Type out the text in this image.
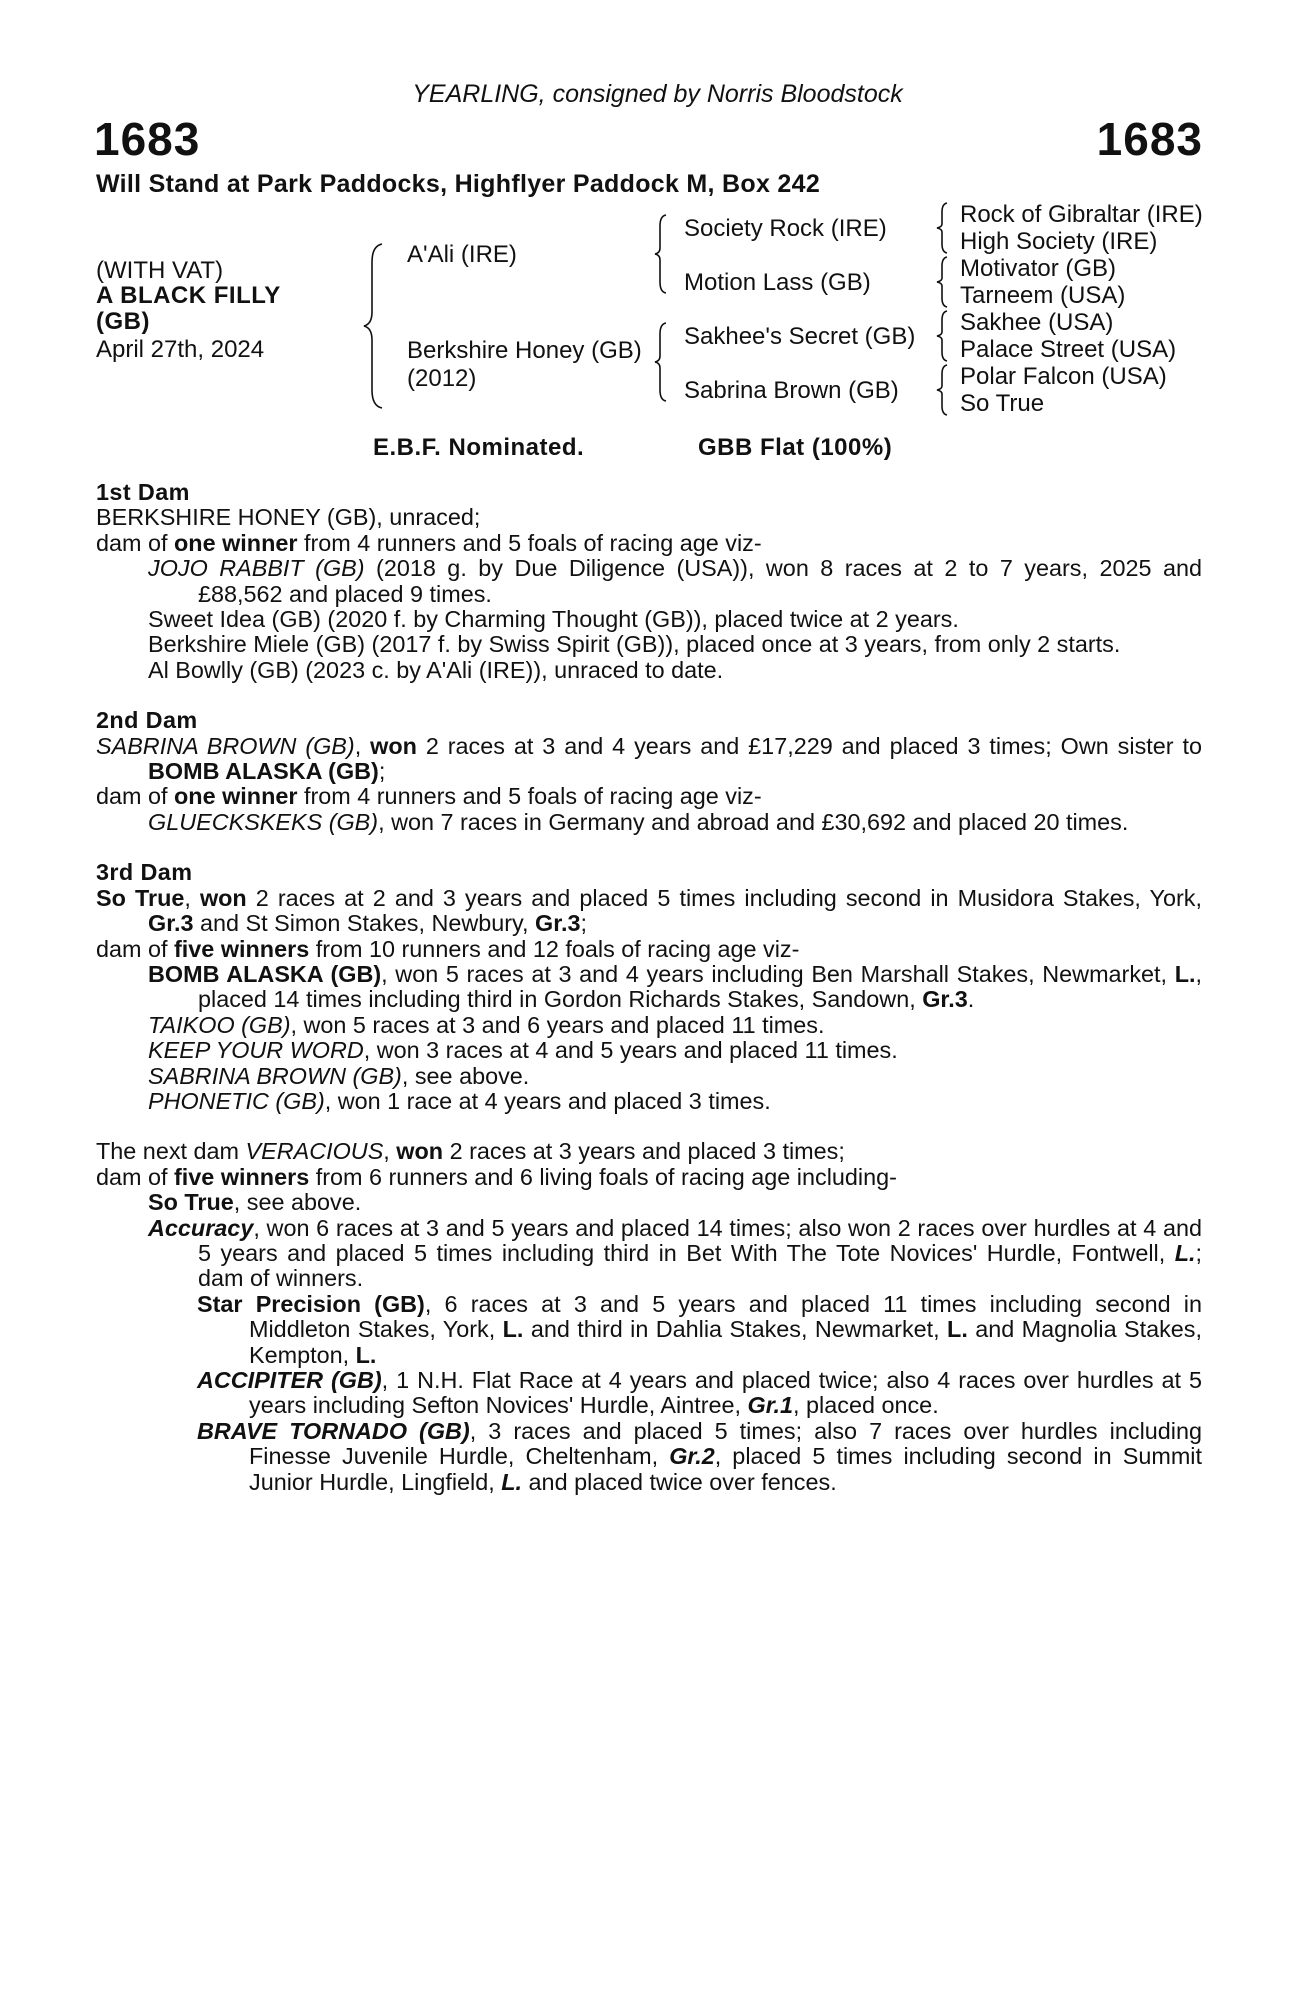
YEARLING, consigned by Norris Bloodstock
1683	1683
Will Stand at Park Paddocks, Highflyer Paddock M, Box 242
(WITH VAT)
A BLACK FILLY
(GB)
April 27th, 2024
A'Ali (IRE)
Berkshire Honey (GB)
(2012)
Society Rock (IRE)
Motion Lass (GB)
Sakhee's Secret (GB)
Sabrina Brown (GB)
Rock of Gibraltar (IRE)
High Society (IRE)
Motivator (GB)
Tarneem (USA)
Sakhee (USA)
Palace Street (USA)
Polar Falcon (USA)
So True
E.B.F. Nominated.	GBB Flat (100%)
1st Dam
BERKSHIRE HONEY (GB), unraced;
dam of one winner from 4 runners and 5 foals of racing age viz-
JOJO RABBIT (GB) (2018 g. by Due Diligence (USA)), won 8 races at 2 to 7 years, 2025 and £88,562 and placed 9 times.
Sweet Idea (GB) (2020 f. by Charming Thought (GB)), placed twice at 2 years.
Berkshire Miele (GB) (2017 f. by Swiss Spirit (GB)), placed once at 3 years, from only 2 starts.
Al Bowlly (GB) (2023 c. by A'Ali (IRE)), unraced to date.
2nd Dam
SABRINA BROWN (GB), won 2 races at 3 and 4 years and £17,229 and placed 3 times; Own sister to BOMB ALASKA (GB);
dam of one winner from 4 runners and 5 foals of racing age viz-
GLUECKSKEKS (GB), won 7 races in Germany and abroad and £30,692 and placed 20 times.
3rd Dam
So True, won 2 races at 2 and 3 years and placed 5 times including second in Musidora Stakes, York, Gr.3 and St Simon Stakes, Newbury, Gr.3;
dam of five winners from 10 runners and 12 foals of racing age viz-
BOMB ALASKA (GB), won 5 races at 3 and 4 years including Ben Marshall Stakes, Newmarket, L., placed 14 times including third in Gordon Richards Stakes, Sandown, Gr.3.
TAIKOO (GB), won 5 races at 3 and 6 years and placed 11 times.
KEEP YOUR WORD, won 3 races at 4 and 5 years and placed 11 times.
SABRINA BROWN (GB), see above.
PHONETIC (GB), won 1 race at 4 years and placed 3 times.
The next dam VERACIOUS, won 2 races at 3 years and placed 3 times;
dam of five winners from 6 runners and 6 living foals of racing age including-
So True, see above.
Accuracy, won 6 races at 3 and 5 years and placed 14 times; also won 2 races over hurdles at 4 and 5 years and placed 5 times including third in Bet With The Tote Novices' Hurdle, Fontwell, L.; dam of winners.
Star Precision (GB), 6 races at 3 and 5 years and placed 11 times including second in Middleton Stakes, York, L. and third in Dahlia Stakes, Newmarket, L. and Magnolia Stakes, Kempton, L.
ACCIPITER (GB), 1 N.H. Flat Race at 4 years and placed twice; also 4 races over hurdles at 5 years including Sefton Novices' Hurdle, Aintree, Gr.1, placed once.
BRAVE TORNADO (GB), 3 races and placed 5 times; also 7 races over hurdles including Finesse Juvenile Hurdle, Cheltenham, Gr.2, placed 5 times including second in Summit Junior Hurdle, Lingfield, L. and placed twice over fences.
